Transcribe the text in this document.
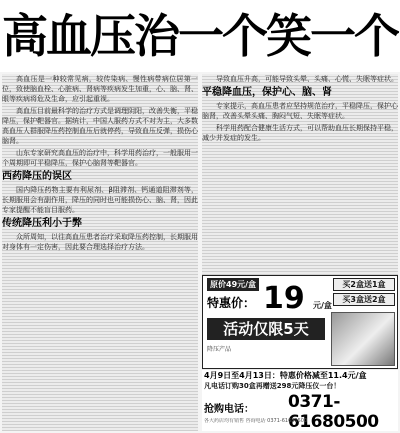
高血压治一个笑一个

高血压是一种较常见病，较传染病、慢性病带病位居第一位，致使脑血栓、心脏病、肾病等疾病发生加重，心、脑、肾、眼等疾病将危及生命，应引起重视。

高血压目前最科学的治疗方式是调理阴阳，改善失衡，平稳降压，保护靶器官。据统计，中国人服药方式不对为主，大多数高血压人群服降压药控制血压后就停药，导致血压反弹，损伤心脑肾。

山东专家研究高血压的治疗中，科学用药治疗，一般服用一个周期即可平稳降压，保护心脑肾等靶器官。

西药降压的误区

国内降压药物主要有利尿剂、β阻滞剂、钙通道阻滞剂等，长期服用会有副作用，降压的同时也可能损伤心、脑、肾，因此专家提醒不能盲目服药。

传统降压利小于弊

众所周知，以往高血压患者治疗采取降压药控制，长期服用对身体有一定伤害，因此要合理选择治疗方法。

导致血压升高，可能导致头晕、头痛、心慌、失眠等症状。

平稳降血压，保护心、脑、肾

专家提示，高血压患者应坚持规范治疗，平稳降压，保护心脑肾，改善头晕头痛、胸闷气短、失眠等症状。

科学用药配合健康生活方式，可以帮助血压长期保持平稳，减少并发症的发生。

原价49元/盒
特惠价： 19 元/盒
买2盒送1盒
买3盒送2盒
活动仅限5天
降压产品
4月9日至4月13日：特惠价格减至11.4元/盒
凡电话订购30盒再赠送298元降压仪一台！
抢购电话： 0371-61680500
各大药店均有销售 咨询电话 0371-61680500
